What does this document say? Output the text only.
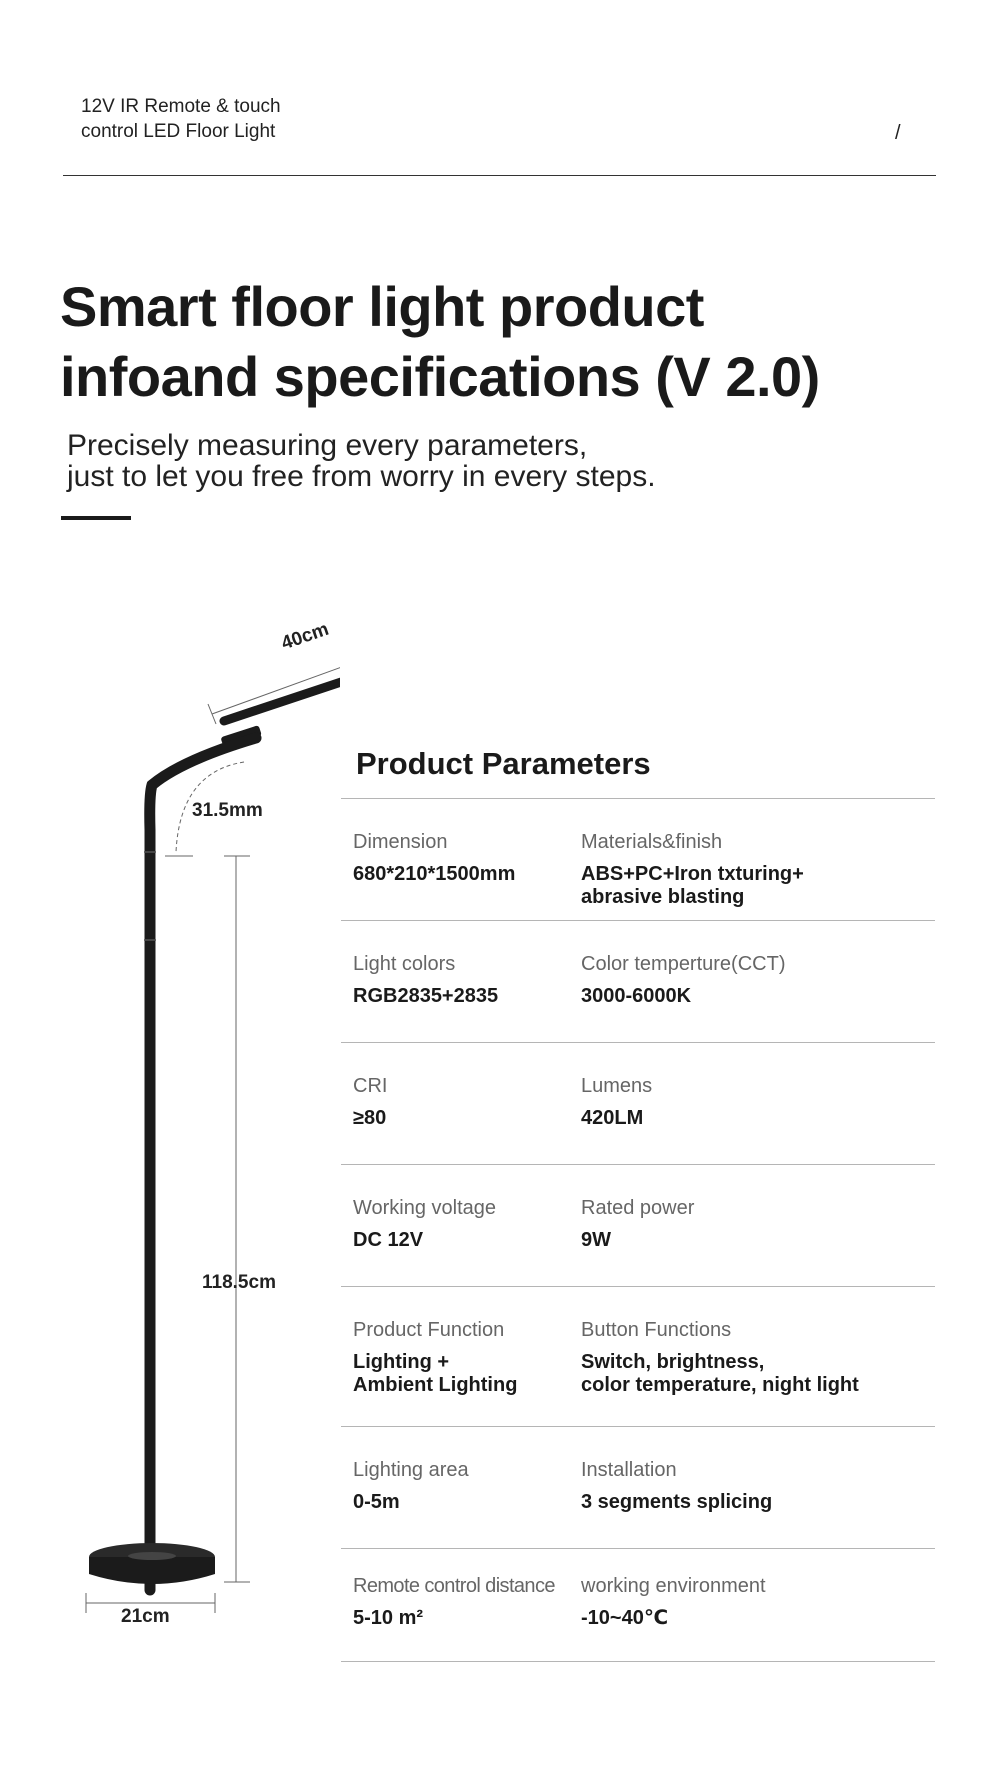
12V IR Remote & touch
control LED Floor Light	/
Smart floor light product
infoand specifications (V 2.0)
Precisely measuring every parameters,
just to let you free from worry in every steps.
40cm
31.5mm
118.5cm
21cm
Product Parameters
Dimension
680*210*1500mm
Materials&finish
ABS+PC+Iron txturing+
abrasive blasting
Light colors
RGB2835+2835
Color temperture(CCT)
3000-6000K
CRI
≥80
Lumens
420LM
Working voltage
DC 12V
Rated power
9W
Product Function
Lighting +
Ambient Lighting
Button Functions
Switch, brightness,
color temperature, night light
Lighting area
0-5m
Installation
3 segments splicing
Remote control distance
5-10 m²
working environment
-10~40℃
